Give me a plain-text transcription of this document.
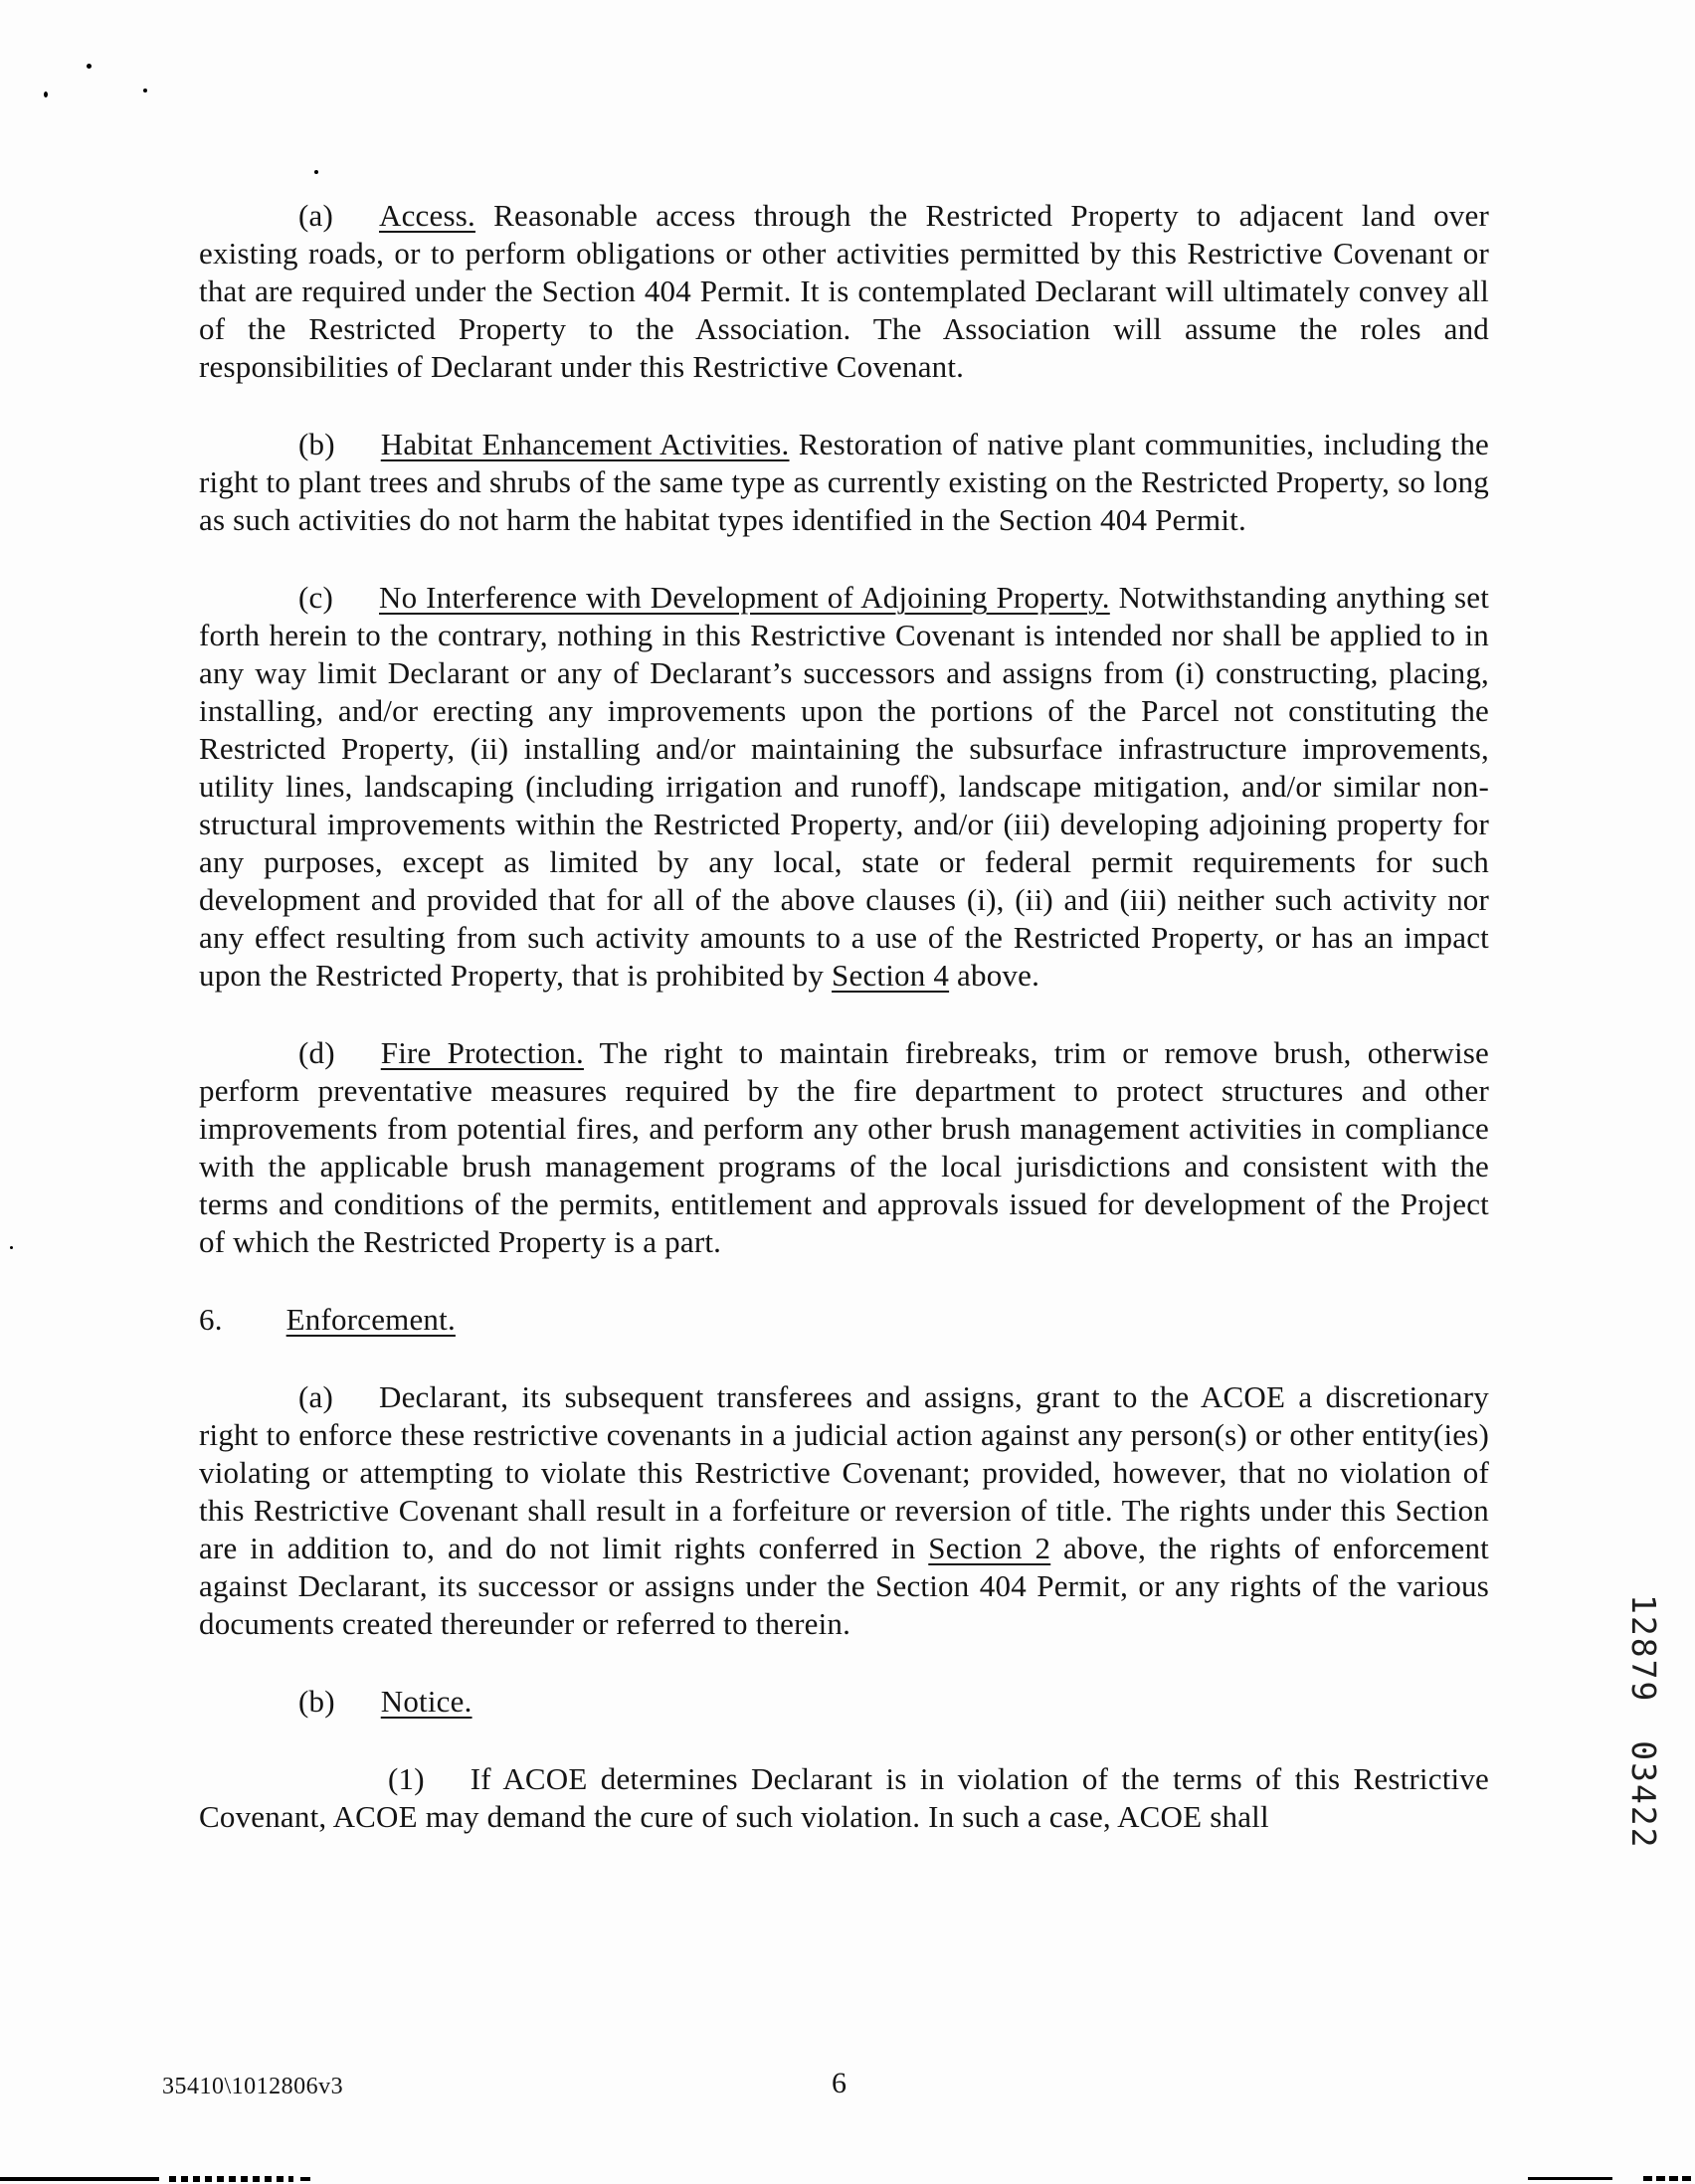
(a) Access. Reasonable access through the Restricted Property to adjacent land over existing roads, or to perform obligations or other activities permitted by this Restrictive Covenant or that are required under the Section 404 Permit. It is contemplated Declarant will ultimately convey all of the Restricted Property to the Association. The Association will assume the roles and responsibilities of Declarant under this Restrictive Covenant.

(b) Habitat Enhancement Activities. Restoration of native plant communities, including the right to plant trees and shrubs of the same type as currently existing on the Restricted Property, so long as such activities do not harm the habitat types identified in the Section 404 Permit.

(c) No Interference with Development of Adjoining Property. Notwithstanding anything set forth herein to the contrary, nothing in this Restrictive Covenant is intended nor shall be applied to in any way limit Declarant or any of Declarant’s successors and assigns from (i) constructing, placing, installing, and/or erecting any improvements upon the portions of the Parcel not constituting the Restricted Property, (ii) installing and/or maintaining the subsurface infrastructure improvements, utility lines, landscaping (including irrigation and runoff), landscape mitigation, and/or similar non-structural improvements within the Restricted Property, and/or (iii) developing adjoining property for any purposes, except as limited by any local, state or federal permit requirements for such development and provided that for all of the above clauses (i), (ii) and (iii) neither such activity nor any effect resulting from such activity amounts to a use of the Restricted Property, or has an impact upon the Restricted Property, that is prohibited by Section 4 above.

(d) Fire Protection. The right to maintain firebreaks, trim or remove brush, otherwise perform preventative measures required by the fire department to protect structures and other improvements from potential fires, and perform any other brush management activities in compliance with the applicable brush management programs of the local jurisdictions and consistent with the terms and conditions of the permits, entitlement and approvals issued for development of the Project of which the Restricted Property is a part.

6. Enforcement.

(a) Declarant, its subsequent transferees and assigns, grant to the ACOE a discretionary right to enforce these restrictive covenants in a judicial action against any person(s) or other entity(ies) violating or attempting to violate this Restrictive Covenant; provided, however, that no violation of this Restrictive Covenant shall result in a forfeiture or reversion of title. The rights under this Section are in addition to, and do not limit rights conferred in Section 2 above, the rights of enforcement against Declarant, its successor or assigns under the Section 404 Permit, or any rights of the various documents created thereunder or referred to therein.

(b) Notice.

(1) If ACOE determines Declarant is in violation of the terms of this Restrictive Covenant, ACOE may demand the cure of such violation. In such a case, ACOE shall	12879 03422
35410\1012806v3	6
